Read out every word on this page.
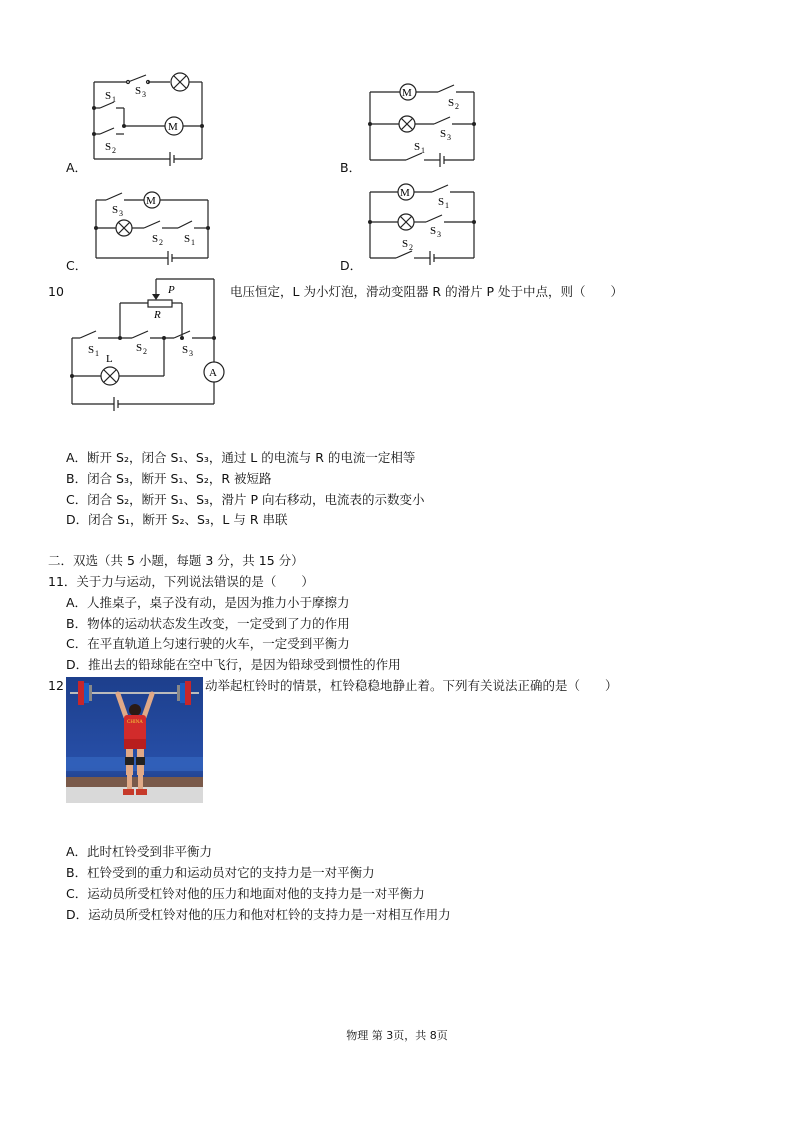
M
S 3
S 1
S 2
A．
M
S 2
S 3
S 1
B．
M
S 3
S 2 S 1
C．
M
S 1
S 3
S 2
D．
10	P
R
S 1	S 2	S 3
L
A
电压恒定，L 为小灯泡，滑动变阻器 R 的滑片 P 处于中点，则（　　）
A．断开 S₂，闭合 S₁、S₃，通过 L 的电流与 R 的电流一定相等
B．闭合 S₃，断开 S₁、S₂，R 被短路
C．闭合 S₂，断开 S₁、S₃，滑片 P 向右移动，电流表的示数变小
D．闭合 S₁，断开 S₂、S₃，L 与 R 串联
二．双选（共 5 小题，每题 3 分，共 15 分）
11．关于力与运动，下列说法错误的是（　　）
A．人推桌子，桌子没有动，是因为推力小于摩擦力
B．物体的运动状态发生改变，一定受到了力的作用
C．在平直轨道上匀速行驶的火车，一定受到平衡力
D．推出去的铅球能在空中飞行，是因为铅球受到惯性的作用
12
CHINA
动举起杠铃时的情景，杠铃稳稳地静止着。下列有关说法正确的是（　　）
A．此时杠铃受到非平衡力
B．杠铃受到的重力和运动员对它的支持力是一对平衡力
C．运动员所受杠铃对他的压力和地面对他的支持力是一对平衡力
D．运动员所受杠铃对他的压力和他对杠铃的支持力是一对相互作用力
物理 第 3页，共 8页
